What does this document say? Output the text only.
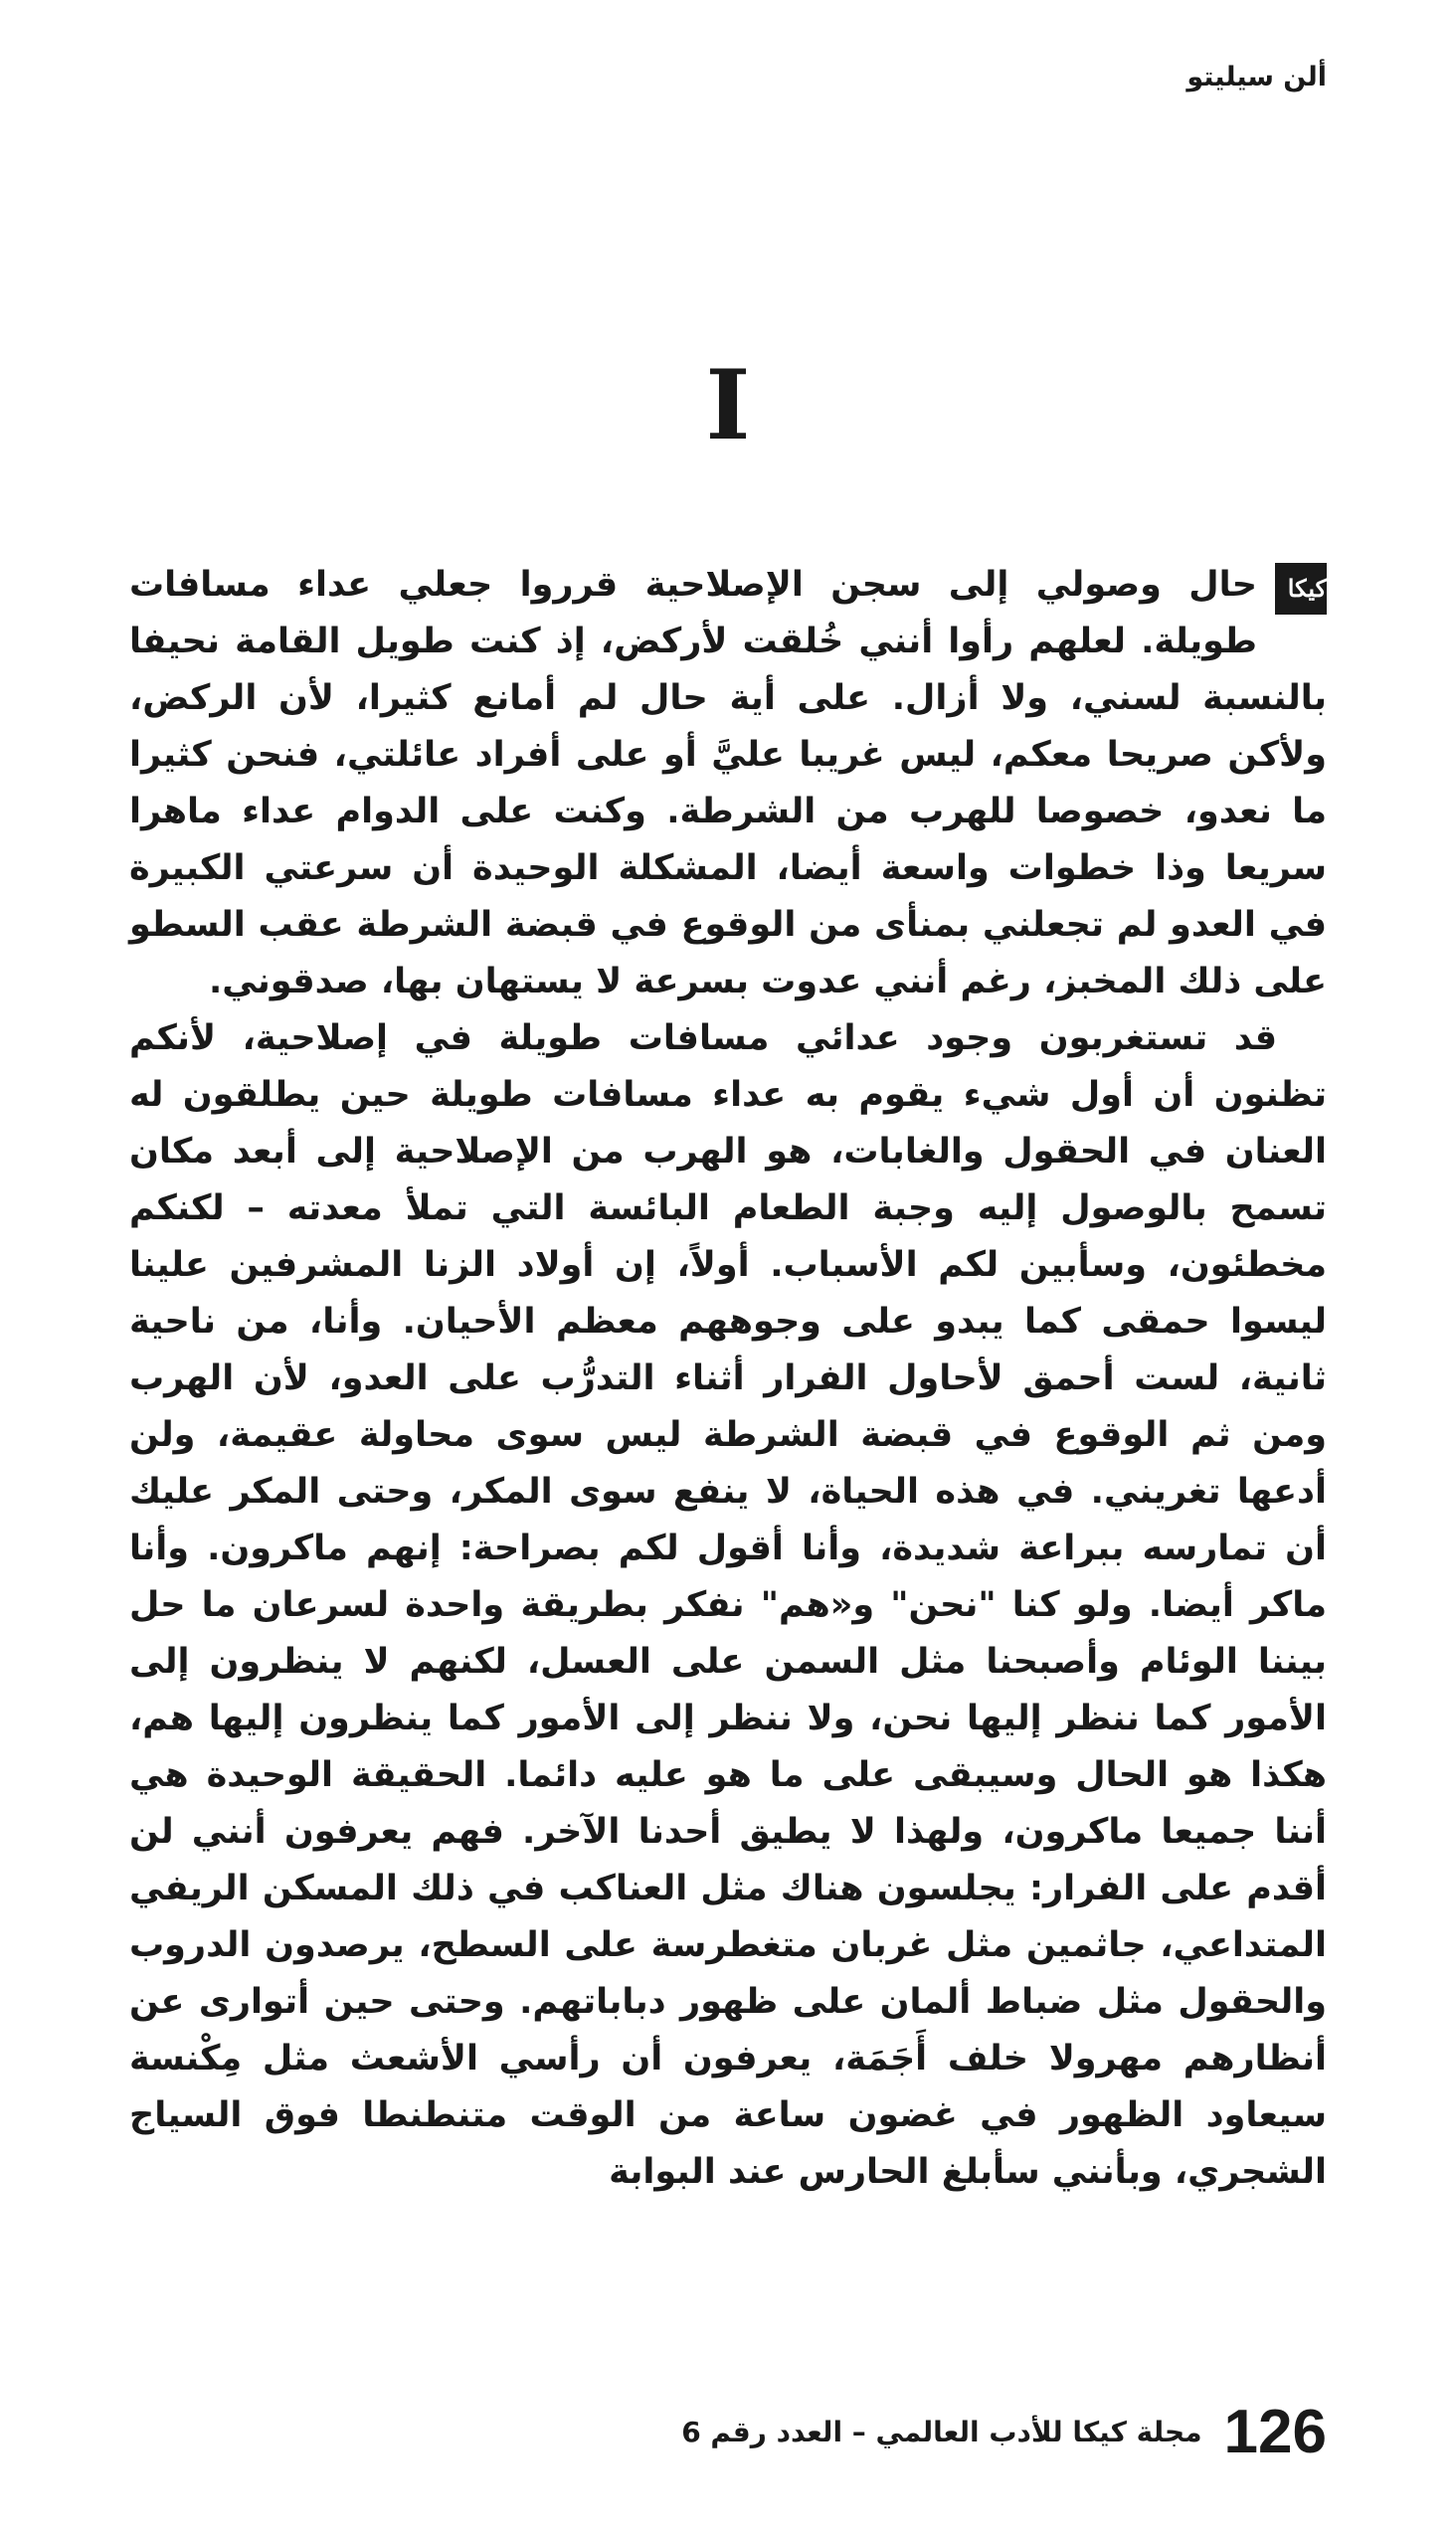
ألن سيليتو
I

كيكا
حال وصولي إلى سجن الإصلاحية قرروا جعلي عداء مسافات طويلة. لعلهم رأوا أنني خُلقت لأركض، إذ كنت طويل القامة نحيفا بالنسبة لسني، ولا أزال. على أية حال لم أمانع كثيرا، لأن الركض، ولأكن صريحا معكم، ليس غريبا عليَّ أو على أفراد عائلتي، فنحن كثيرا ما نعدو، خصوصا للهرب من الشرطة. وكنت على الدوام عداء ماهرا سريعا وذا خطوات واسعة أيضا، المشكلة الوحيدة أن سرعتي الكبيرة في العدو لم تجعلني بمنأى من الوقوع في قبضة الشرطة عقب السطو على ذلك المخبز، رغم أنني عدوت بسرعة لا يستهان بها، صدقوني.

قد تستغربون وجود عدائي مسافات طويلة في إصلاحية، لأنكم تظنون أن أول شيء يقوم به عداء مسافات طويلة حين يطلقون له العنان في الحقول والغابات، هو الهرب من الإصلاحية إلى أبعد مكان تسمح بالوصول إليه وجبة الطعام البائسة التي تملأ معدته – لكنكم مخطئون، وسأبين لكم الأسباب. أولاً، إن أولاد الزنا المشرفين علينا ليسوا حمقى كما يبدو على وجوههم معظم الأحيان. وأنا، من ناحية ثانية، لست أحمق لأحاول الفرار أثناء التدرُّب على العدو، لأن الهرب ومن ثم الوقوع في قبضة الشرطة ليس سوى محاولة عقيمة، ولن أدعها تغريني. في هذه الحياة، لا ينفع سوى المكر، وحتى المكر عليك أن تمارسه ببراعة شديدة، وأنا أقول لكم بصراحة: إنهم ماكرون. وأنا ماكر أيضا. ولو كنا "نحن" و«هم" نفكر بطريقة واحدة لسرعان ما حل بيننا الوئام وأصبحنا مثل السمن على العسل، لكنهم لا ينظرون إلى الأمور كما ننظر إليها نحن، ولا ننظر إلى الأمور كما ينظرون إليها هم، هكذا هو الحال وسيبقى على ما هو عليه دائما. الحقيقة الوحيدة هي أننا جميعا ماكرون، ولهذا لا يطيق أحدنا الآخر. فهم يعرفون أنني لن أقدم على الفرار: يجلسون هناك مثل العناكب في ذلك المسكن الريفي المتداعي، جاثمين مثل غربان متغطرسة على السطح، يرصدون الدروب والحقول مثل ضباط ألمان على ظهور دباباتهم. وحتى حين أتوارى عن أنظارهم مهرولا خلف أَجَمَة، يعرفون أن رأسي الأشعث مثل مِكْنسة سيعاود الظهور في غضون ساعة من الوقت متنطنطا فوق السياج الشجري، وبأنني سأبلغ الحارس عند البوابة

126
مجلة كيكا للأدب العالمي – العدد رقم 6
